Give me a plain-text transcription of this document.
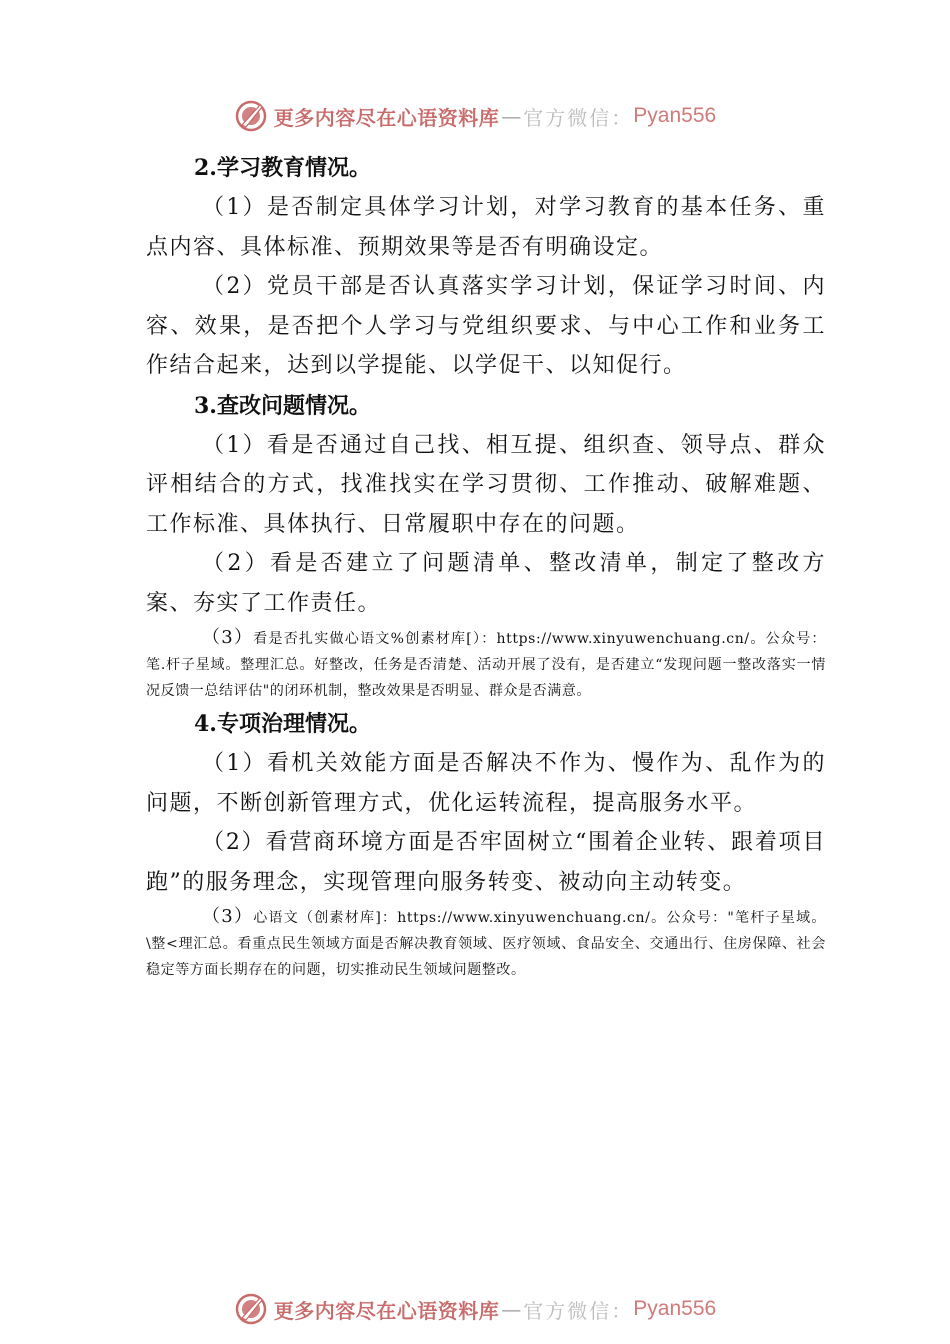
更多内容尽在心语资料库 — 官方微信： Pyan556
2.学习教育情况。

（1）是否制定具体学习计划，对学习教育的基本任务、重点内容、具体标准、预期效果等是否有明确设定。

（2）党员干部是否认真落实学习计划，保证学习时间、内容、效果，是否把个人学习与党组织要求、与中心工作和业务工作结合起来，达到以学提能、以学促干、以知促行。

3.查改问题情况。

（1）看是否通过自己找、相互提、组织查、领导点、群众评相结合的方式，找准找实在学习贯彻、工作推动、破解难题、工作标准、具体执行、日常履职中存在的问题。

（2）看是否建立了问题清单、整改清单，制定了整改方案、夯实了工作责任。

（3）看是否扎实做心语文%创素材库[）：https://www.xinyuwenchuang.cn/。公众号：笔.杆子星域。整理汇总。好整改，任务是否清楚、活动开展了没有，是否建立“发现问题一整改落实一情况反馈一总结评估"的闭环机制，整改效果是否明显、群众是否满意。

4.专项治理情况。

（1）看机关效能方面是否解决不作为、慢作为、乱作为的问题，不断创新管理方式，优化运转流程，提高服务水平。

（2）看营商环境方面是否牢固树立“围着企业转、跟着项目跑”的服务理念，实现管理向服务转变、被动向主动转变。

（3）心语文（创素材库]：https://www.xinyuwenchuang.cn/。公众号："笔杆子星域。\整<理汇总。看重点民生领域方面是否解决教育领域、医疗领域、食品安全、交通出行、住房保障、社会稳定等方面长期存在的问题，切实推动民生领域问题整改。

更多内容尽在心语资料库 — 官方微信： Pyan556
